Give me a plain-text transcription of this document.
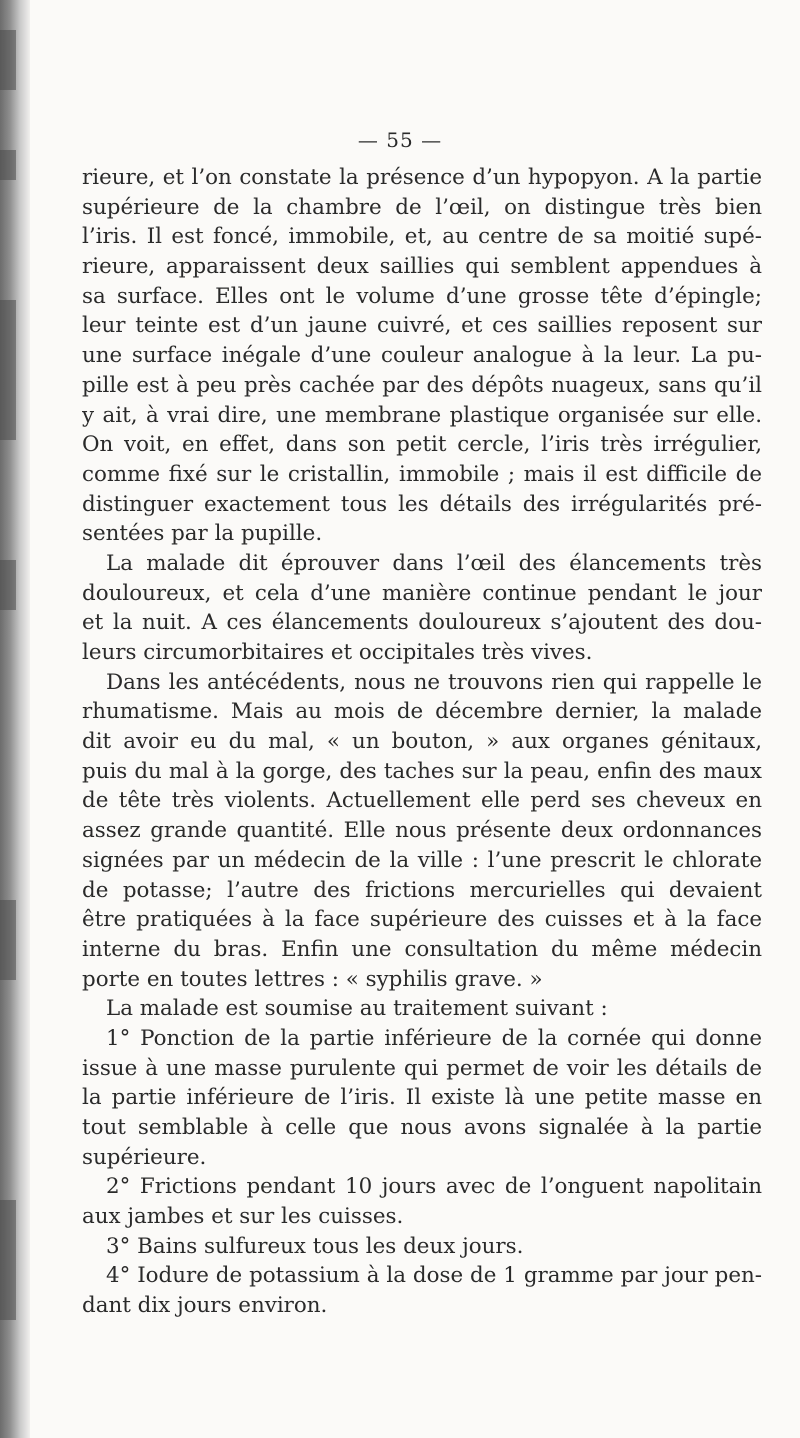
— 55 —
rieure, et l’on constate la présence d’un hypopyon. A la partie
supérieure de la chambre de l’œil, on distingue très bien
l’iris. Il est foncé, immobile, et, au centre de sa moitié supé-
rieure, apparaissent deux saillies qui semblent appendues à
sa surface. Elles ont le volume d’une grosse tête d’épingle;
leur teinte est d’un jaune cuivré, et ces saillies reposent sur
une surface inégale d’une couleur analogue à la leur. La pu-
pille est à peu près cachée par des dépôts nuageux, sans qu’il
y ait, à vrai dire, une membrane plastique organisée sur elle.
On voit, en effet, dans son petit cercle, l’iris très irrégulier,
comme fixé sur le cristallin, immobile ; mais il est difficile de
distinguer exactement tous les détails des irrégularités pré-
sentées par la pupille.
La malade dit éprouver dans l’œil des élancements très
douloureux, et cela d’une manière continue pendant le jour
et la nuit. A ces élancements douloureux s’ajoutent des dou-
leurs circumorbitaires et occipitales très vives.
Dans les antécédents, nous ne trouvons rien qui rappelle le
rhumatisme. Mais au mois de décembre dernier, la malade
dit avoir eu du mal, « un bouton, » aux organes génitaux,
puis du mal à la gorge, des taches sur la peau, enfin des maux
de tête très violents. Actuellement elle perd ses cheveux en
assez grande quantité. Elle nous présente deux ordonnances
signées par un médecin de la ville : l’une prescrit le chlorate
de potasse; l’autre des frictions mercurielles qui devaient
être pratiquées à la face supérieure des cuisses et à la face
interne du bras. Enfin une consultation du même médecin
porte en toutes lettres : « syphilis grave. »
La malade est soumise au traitement suivant :
1° Ponction de la partie inférieure de la cornée qui donne
issue à une masse purulente qui permet de voir les détails de
la partie inférieure de l’iris. Il existe là une petite masse en
tout semblable à celle que nous avons signalée à la partie
supérieure.
2° Frictions pendant 10 jours avec de l’onguent napolitain
aux jambes et sur les cuisses.
3° Bains sulfureux tous les deux jours.
4° Iodure de potassium à la dose de 1 gramme par jour pen-
dant dix jours environ.
